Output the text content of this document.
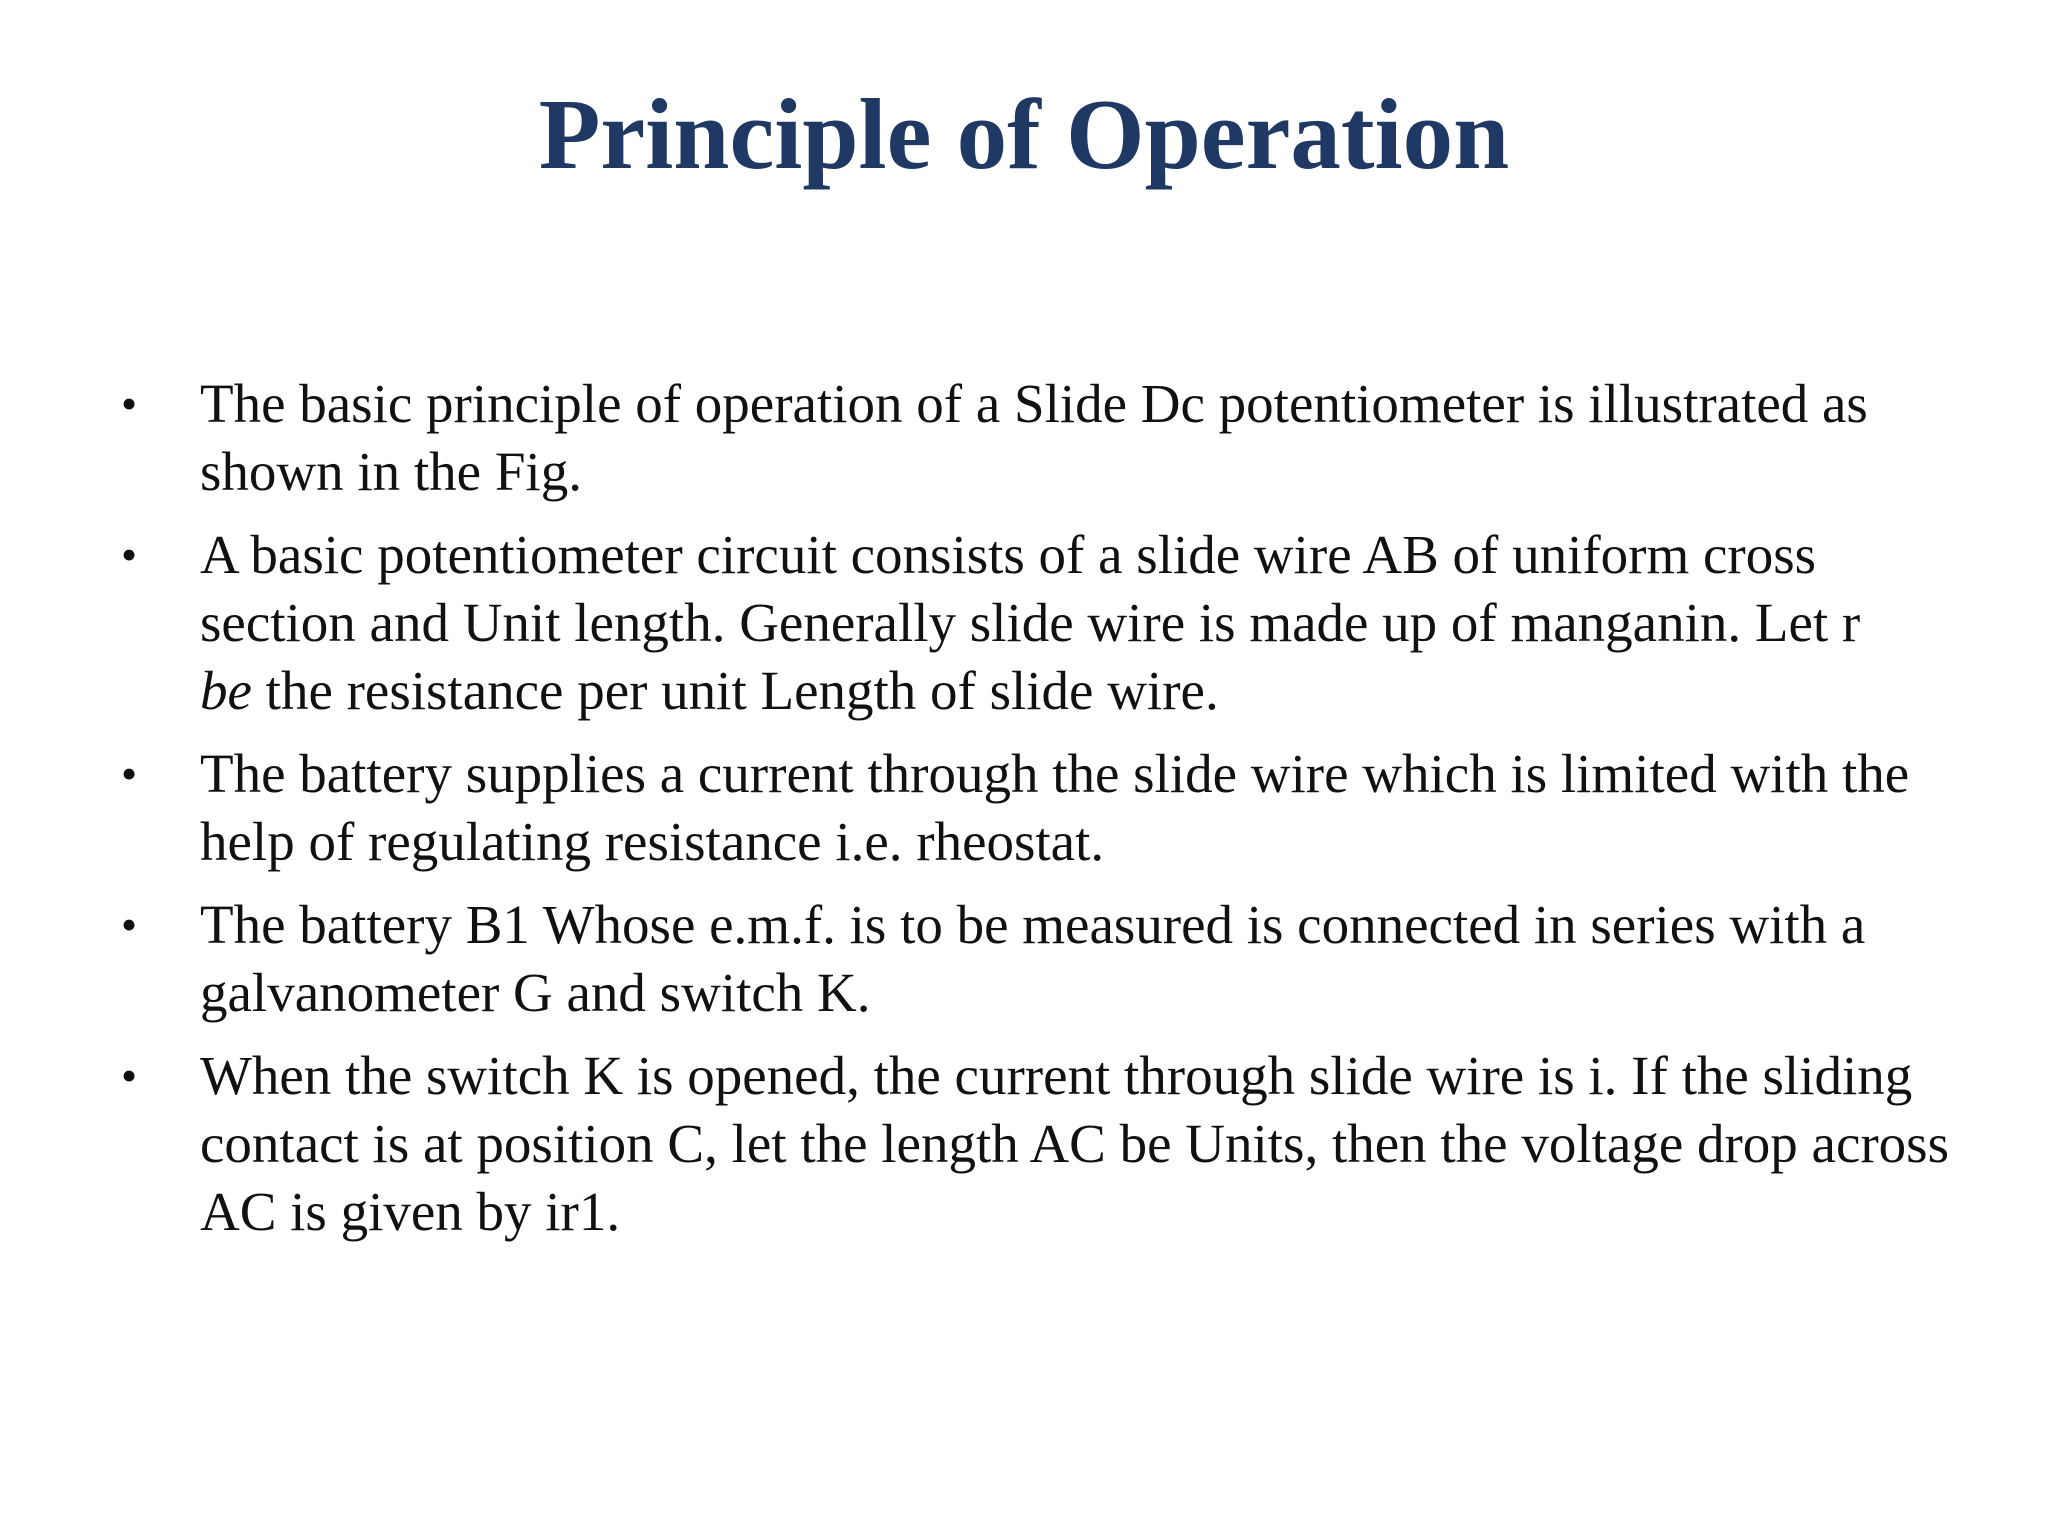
Principle of Operation
• The basic principle of operation of a Slide Dc potentiometer is illustrated as shown in the Fig.
• A basic potentiometer circuit consists of a slide wire AB of uniform cross section and Unit length. Generally slide wire is made up of manganin. Let r
be the resistance per unit Length of slide wire.
• The battery supplies a current through the slide wire which is limited with the help of regulating resistance i.e. rheostat.
• The battery B1 Whose e.m.f. is to be measured is connected in series with a galvanometer G and switch K.
• When the switch K is opened, the current through slide wire is i. If the sliding contact is at position C, let the length AC be Units, then the voltage drop across AC is given by ir1.
